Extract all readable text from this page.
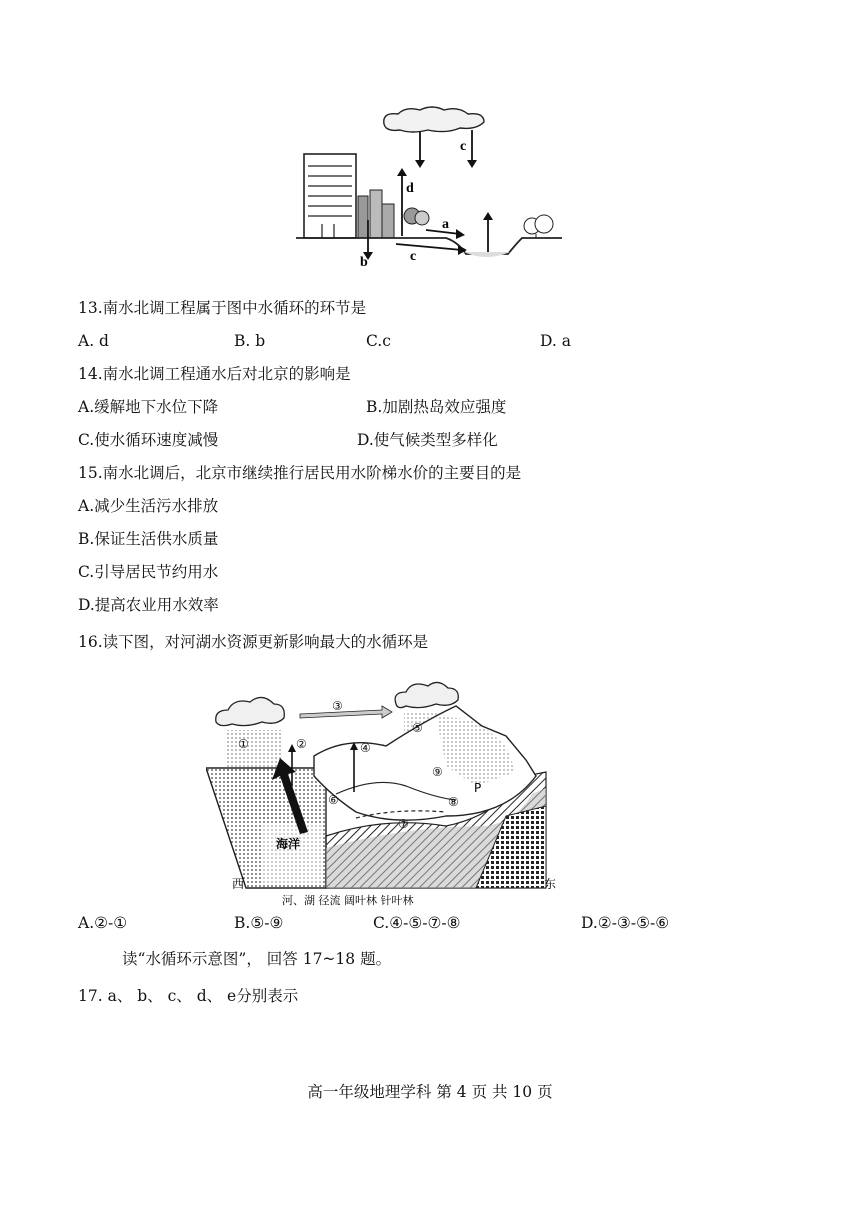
c
d
a
b	c
13.南水北调工程属于图中水循环的环节是
A. d	B. b	C.c	D. a
14.南水北调工程通水后对北京的影响是
A.缓解地下水位下降	B.加剧热岛效应强度
C.使水循环速度减慢	D.使气候类型多样化
15.南水北调后，北京市继续推行居民用水阶梯水价的主要目的是
A.减少生活污水排放
B.保证生活供水质量
C.引导居民节约用水
D.提高农业用水效率
16.读下图，对河湖水资源更新影响最大的水循环是
①	②
③
④
⑤
⑥
⑦
⑧
⑨
P
海洋
西	东
河、湖 径流 阔叶林 针叶林
A.②-①	B.⑤-⑨	C.④-⑤-⑦-⑧	D.②-③-⑤-⑥
读“水循环示意图”， 回答 17~18 题。
17. a、 b、 c、 d、 e分别表示
高一年级地理学科 第 4 页 共 10 页
